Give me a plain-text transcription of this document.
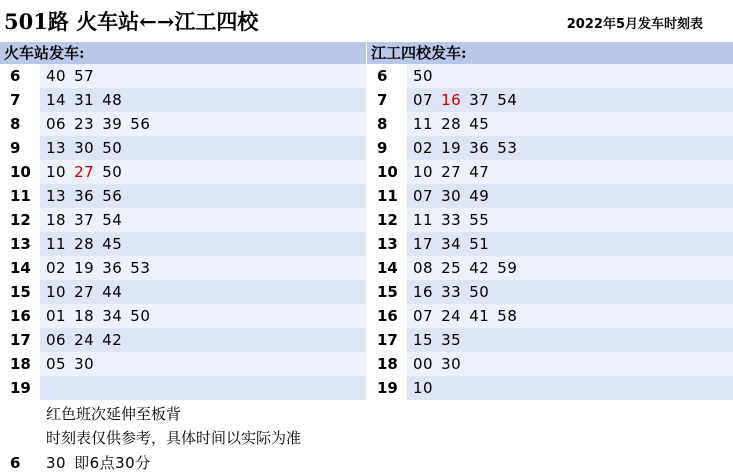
501路 火车站←→江工四校	2022年5月发车时刻表
火车站发车:
6	40 57
7	14 31 48
8	06 23 39 56
9	13 30 50
10	10 27 50
11	13 36 56
12	18 37 54
13	11 28 45
14	02 19 36 53
15	10 27 44
16	01 18 34 50
17	06 24 42
18	05 30
19
江工四校发车:
6	50
7	07 16 37 54
8	11 28 45
9	02 19 36 53
10	10 27 47
11	07 30 49
12	11 33 55
13	17 34 51
14	08 25 42 59
15	16 33 50
16	07 24 41 58
17	15 35
18	00 30
19	10
红色班次延伸至板背
时刻表仅供参考，具体时间以实际为准
6	30 即6点30分
